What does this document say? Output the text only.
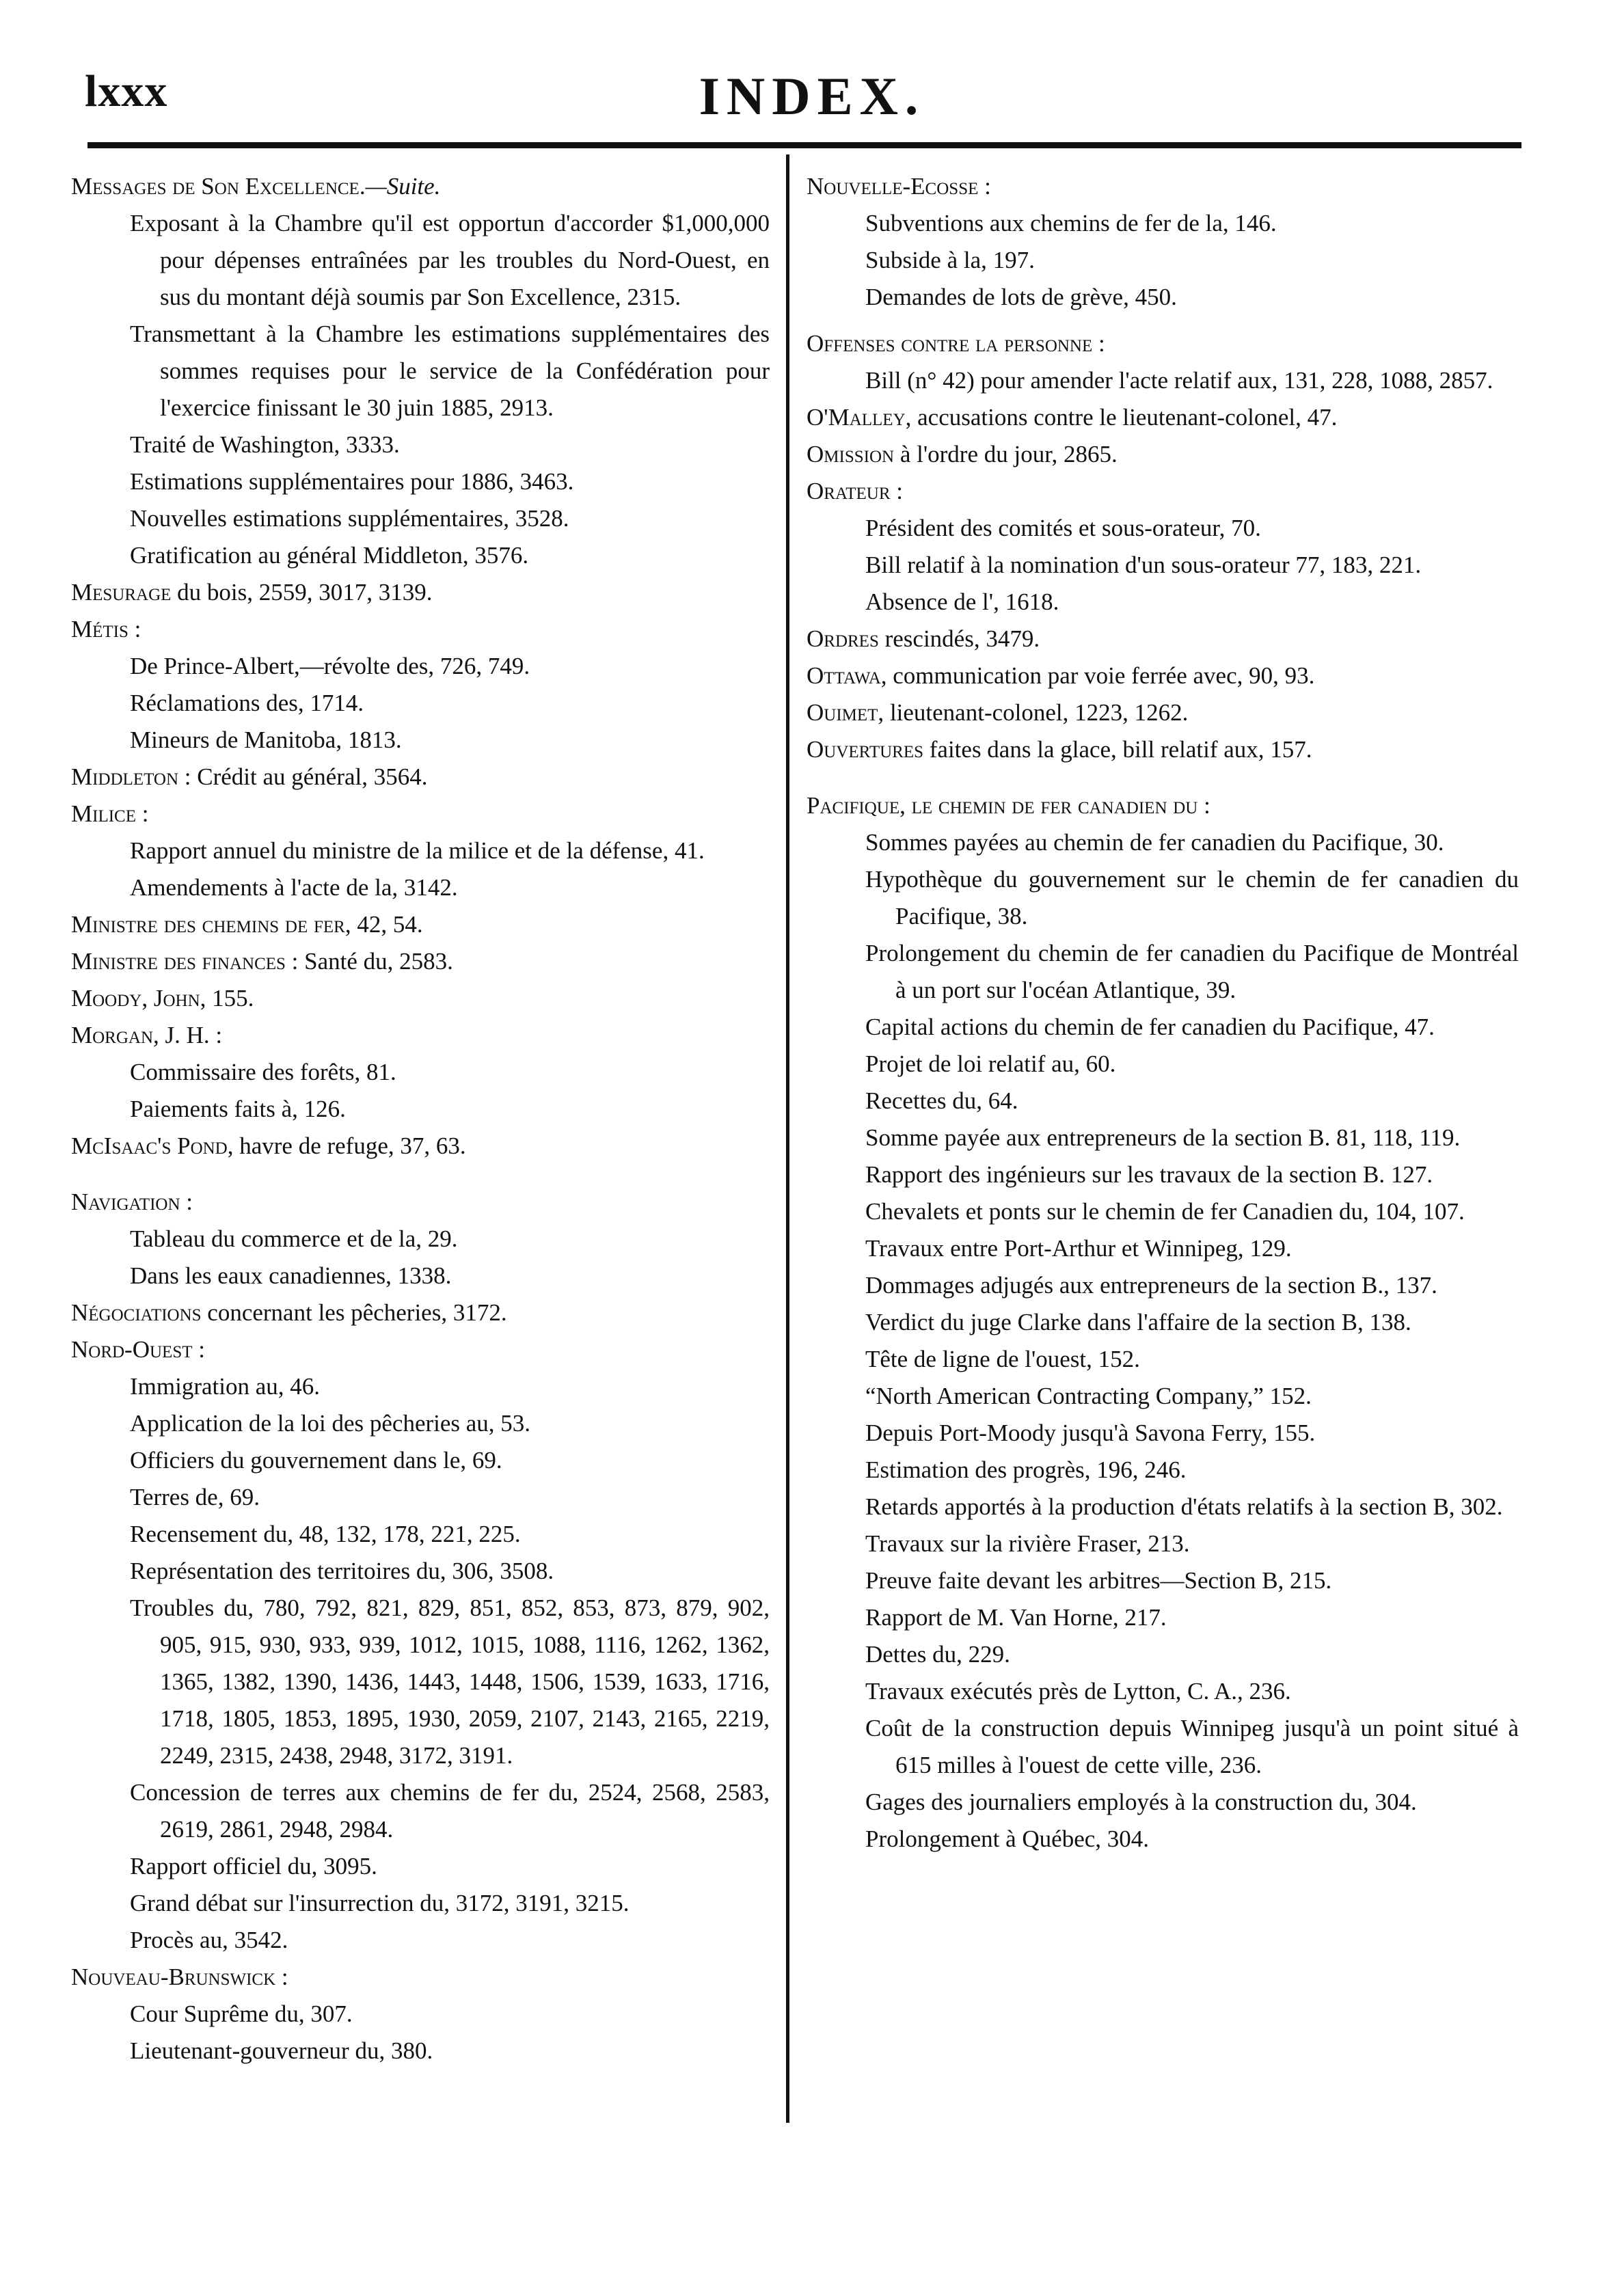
lxxx	INDEX.
Messages de Son Excellence.—Suite.
Exposant à la Chambre qu'il est opportun d'accorder $1,000,000 pour dépenses entraînées par les troubles du Nord-Ouest, en sus du montant déjà soumis par Son Excellence, 2315.
Transmettant à la Chambre les estimations supplémentaires des sommes requises pour le service de la Confédération pour l'exercice finissant le 30 juin 1885, 2913.
Traité de Washington, 3333.
Estimations supplémentaires pour 1886, 3463.
Nouvelles estimations supplémentaires, 3528.
Gratification au général Middleton, 3576.
Mesurage du bois, 2559, 3017, 3139.
Métis :
De Prince-Albert,—révolte des, 726, 749.
Réclamations des, 1714.
Mineurs de Manitoba, 1813.
Middleton : Crédit au général, 3564.
Milice :
Rapport annuel du ministre de la milice et de la défense, 41.
Amendements à l'acte de la, 3142.
Ministre des chemins de fer, 42, 54.
Ministre des finances : Santé du, 2583.
Moody, John, 155.
Morgan, J. H. :
Commissaire des forêts, 81.
Paiements faits à, 126.
McIsaac's Pond, havre de refuge, 37, 63.
Navigation :
Tableau du commerce et de la, 29.
Dans les eaux canadiennes, 1338.
Négociations concernant les pêcheries, 3172.
Nord-Ouest :
Immigration au, 46.
Application de la loi des pêcheries au, 53.
Officiers du gouvernement dans le, 69.
Terres de, 69.
Recensement du, 48, 132, 178, 221, 225.
Représentation des territoires du, 306, 3508.
Troubles du, 780, 792, 821, 829, 851, 852, 853, 873, 879, 902, 905, 915, 930, 933, 939, 1012, 1015, 1088, 1116, 1262, 1362, 1365, 1382, 1390, 1436, 1443, 1448, 1506, 1539, 1633, 1716, 1718, 1805, 1853, 1895, 1930, 2059, 2107, 2143, 2165, 2219, 2249, 2315, 2438, 2948, 3172, 3191.
Concession de terres aux chemins de fer du, 2524, 2568, 2583, 2619, 2861, 2948, 2984.
Rapport officiel du, 3095.
Grand débat sur l'insurrection du, 3172, 3191, 3215.
Procès au, 3542.
Nouveau-Brunswick :
Cour Suprême du, 307.
Lieutenant-gouverneur du, 380.
Nouvelle-Ecosse :
Subventions aux chemins de fer de la, 146.
Subside à la, 197.
Demandes de lots de grève, 450.
Offenses contre la personne :
Bill (n° 42) pour amender l'acte relatif aux, 131, 228, 1088, 2857.
O'Malley, accusations contre le lieutenant-colonel, 47.
Omission à l'ordre du jour, 2865.
Orateur :
Président des comités et sous-orateur, 70.
Bill relatif à la nomination d'un sous-orateur 77, 183, 221.
Absence de l', 1618.
Ordres rescindés, 3479.
Ottawa, communication par voie ferrée avec, 90, 93.
Ouimet, lieutenant-colonel, 1223, 1262.
Ouvertures faites dans la glace, bill relatif aux, 157.
Pacifique, le chemin de fer canadien du :
Sommes payées au chemin de fer canadien du Pacifique, 30.
Hypothèque du gouvernement sur le chemin de fer canadien du Pacifique, 38.
Prolongement du chemin de fer canadien du Pacifique de Montréal à un port sur l'océan Atlantique, 39.
Capital actions du chemin de fer canadien du Pacifique, 47.
Projet de loi relatif au, 60.
Recettes du, 64.
Somme payée aux entrepreneurs de la section B. 81, 118, 119.
Rapport des ingénieurs sur les travaux de la section B. 127.
Chevalets et ponts sur le chemin de fer Canadien du, 104, 107.
Travaux entre Port-Arthur et Winnipeg, 129.
Dommages adjugés aux entrepreneurs de la section B., 137.
Verdict du juge Clarke dans l'affaire de la section B, 138.
Tête de ligne de l'ouest, 152.
“North American Contracting Company,” 152.
Depuis Port-Moody jusqu'à Savona Ferry, 155.
Estimation des progrès, 196, 246.
Retards apportés à la production d'états relatifs à la section B, 302.
Travaux sur la rivière Fraser, 213.
Preuve faite devant les arbitres—Section B, 215.
Rapport de M. Van Horne, 217.
Dettes du, 229.
Travaux exécutés près de Lytton, C. A., 236.
Coût de la construction depuis Winnipeg jusqu'à un point situé à 615 milles à l'ouest de cette ville, 236.
Gages des journaliers employés à la construction du, 304.
Prolongement à Québec, 304.
